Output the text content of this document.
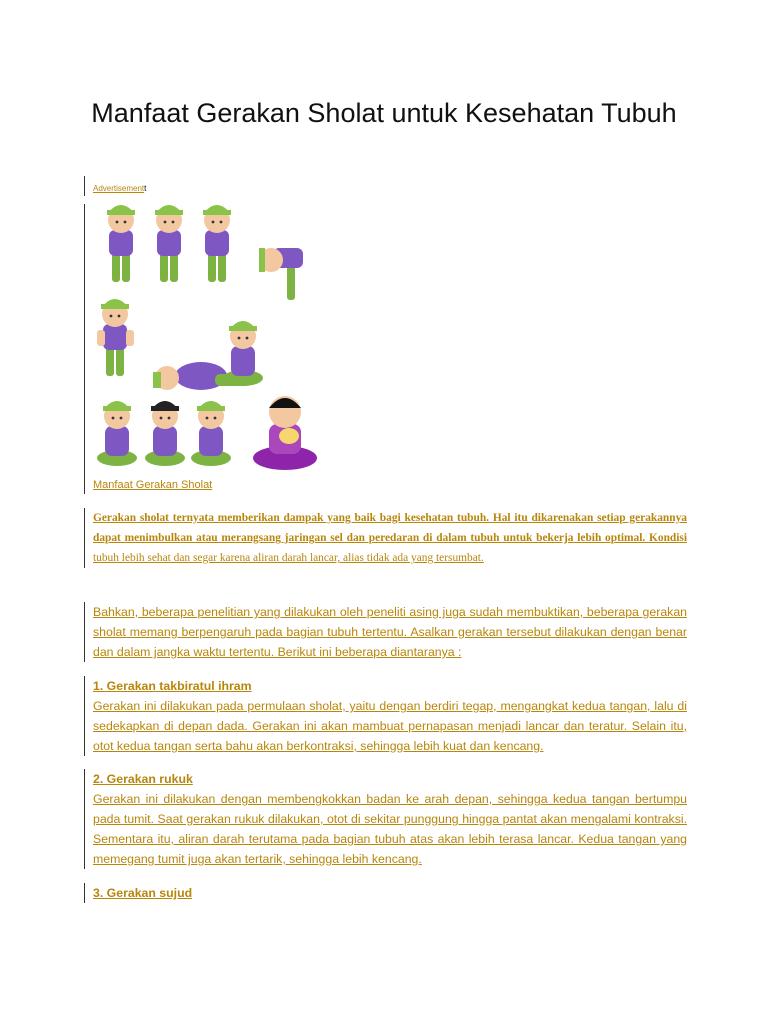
Manfaat Gerakan Sholat untuk Kesehatan Tubuh
Advertisementt
Manfaat Gerakan Sholat
Gerakan sholat ternyata memberikan dampak yang baik bagi kesehatan tubuh. Hal itu dikarenakan setiap gerakannya dapat menimbulkan atau merangsang jaringan sel dan peredaran di dalam tubuh untuk bekerja lebih optimal. Kondisi tubuh lebih sehat dan segar karena aliran darah lancar, alias tidak ada yang tersumbat.
Bahkan, beberapa penelitian yang dilakukan oleh peneliti asing juga sudah membuktikan, beberapa gerakan sholat memang berpengaruh pada bagian tubuh tertentu. Asalkan gerakan tersebut dilakukan dengan benar dan dalam jangka waktu tertentu. Berikut ini beberapa diantaranya :
1. Gerakan takbiratul ihram
Gerakan ini dilakukan pada permulaan sholat, yaitu dengan berdiri tegap, mengangkat kedua tangan, lalu di sedekapkan di depan dada. Gerakan ini akan mambuat pernapasan menjadi lancar dan teratur. Selain itu, otot kedua tangan serta bahu akan berkontraksi, sehingga lebih kuat dan kencang.
2. Gerakan rukuk
Gerakan ini dilakukan dengan membengkokkan badan ke arah depan, sehingga kedua tangan bertumpu pada tumit. Saat gerakan rukuk dilakukan, otot di sekitar punggung hingga pantat akan mengalami kontraksi. Sementara itu, aliran darah terutama pada bagian tubuh atas akan lebih terasa lancar. Kedua tangan yang memegang tumit juga akan tertarik, sehingga lebih kencang.
3. Gerakan sujud
